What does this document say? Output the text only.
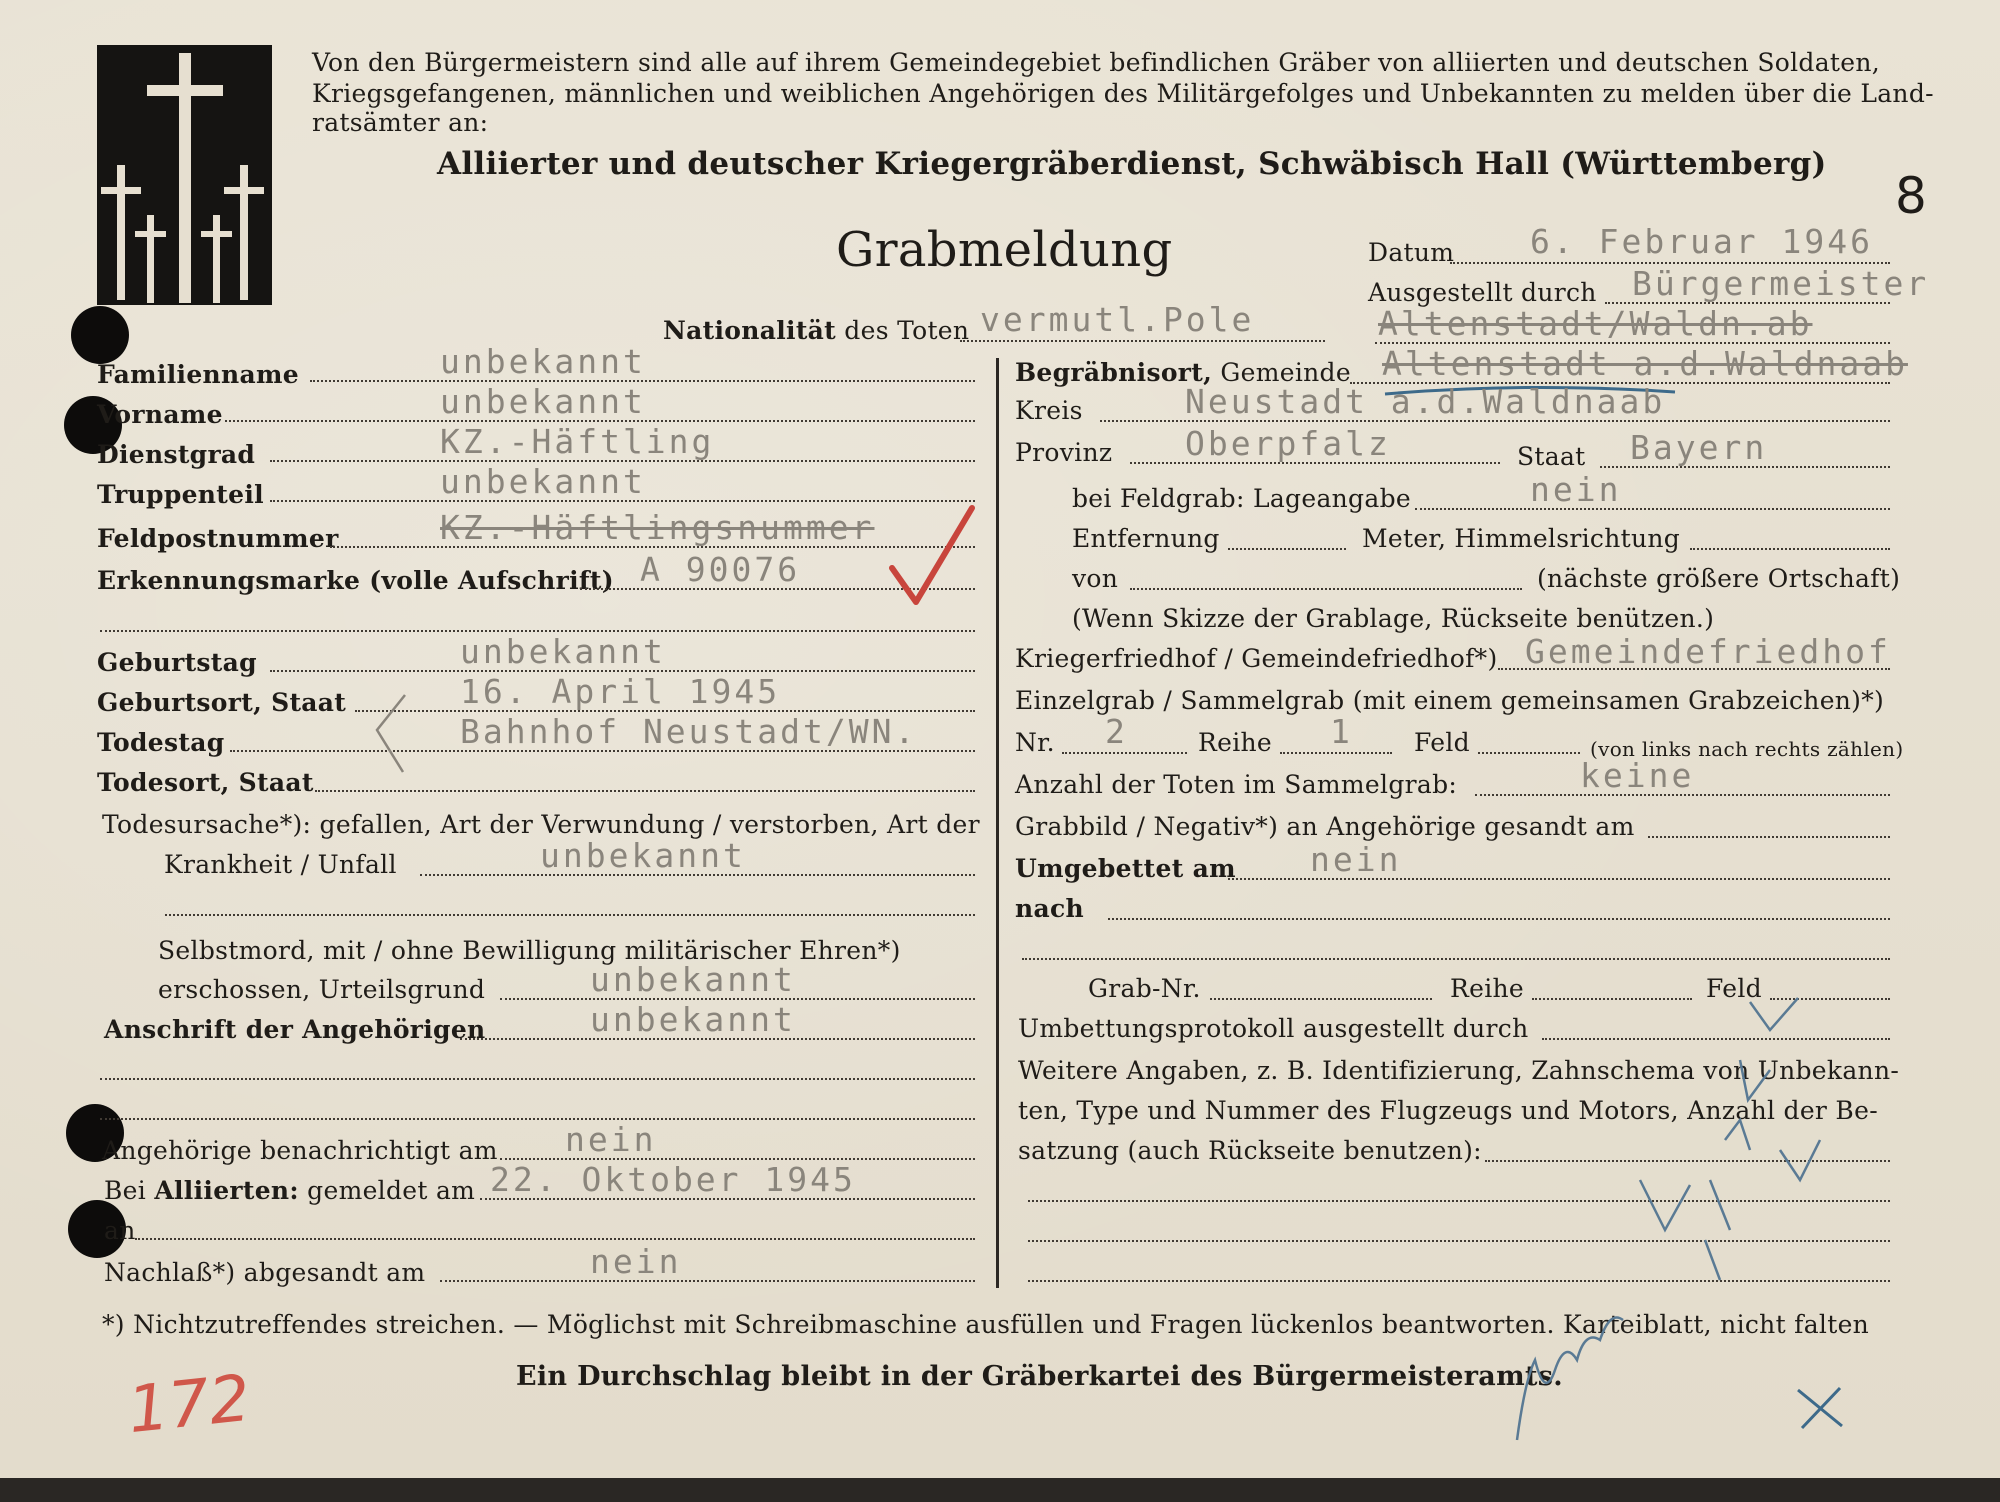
Von den Bürgermeistern sind alle auf ihrem Gemeindegebiet befindlichen Gräber von alliierten und deutschen Soldaten,
Kriegsgefangenen, männlichen und weiblichen Angehörigen des Militärgefolges und Unbekannten zu melden über die Land-
ratsämter an:
Alliierter und deutscher Kriegergräberdienst, Schwäbisch Hall (Württemberg)
8
Grabmeldung	Datum 6. Februar 1946
Ausgestellt durch Bürgermeister
Altenstadt/Waldn.ab
Nationalität des Toten vermutl.Pole
Familienname	unbekannt
Vorname	unbekannt
Dienstgrad	KZ.-Häftling
Truppenteil	unbekannt
Feldpostnummer	KZ.-Häftlingsnummer
Erkennungsmarke (volle Aufschrift) A 90076
Geburtstag	unbekannt
Geburtsort, Staat	16. April 1945
Todestag	Bahnhof Neustadt/WN.
Todesort, Staat
Todesursache*): gefallen, Art der Verwundung / verstorben, Art der
Krankheit / Unfall	unbekannt
Selbstmord, mit / ohne Bewilligung militärischer Ehren*)
erschossen, Urteilsgrund	unbekannt
Anschrift der Angehörigen	unbekannt
Angehörige benachrichtigt am nein
Bei Alliierten: gemeldet am 22. Oktober 1945
an
Nachlaß*) abgesandt am	nein
Begräbnisort, Gemeinde Altenstadt a.d.Waldnaab
Kreis	Neustadt a.d.Waldnaab
Provinz Oberpfalz	Staat Bayern
bei Feldgrab: Lageangabe	nein
Entfernung	Meter, Himmelsrichtung
von	(nächste größere Ortschaft)
(Wenn Skizze der Grablage, Rückseite benützen.)
Kriegerfriedhof / Gemeindefriedhof*) Gemeindefriedhof
Einzelgrab / Sammelgrab (mit einem gemeinsamen Grabzeichen)*)
Nr. 2	Reihe 1 Feld	(von links nach rechts zählen)
Anzahl der Toten im Sammelgrab:	keine
Grabbild / Negativ*) an Angehörige gesandt am
Umgebettet am nein
nach
Grab-Nr.	Reihe	Feld
Umbettungsprotokoll ausgestellt durch
Weitere Angaben, z. B. Identifizierung, Zahnschema von Unbekann-
ten, Type und Nummer des Flugzeugs und Motors, Anzahl der Be-
satzung (auch Rückseite benutzen):
*) Nichtzutreffendes streichen. — Möglichst mit Schreibmaschine ausfüllen und Fragen lückenlos beantworten. Karteiblatt, nicht falten
Ein Durchschlag bleibt in der Gräberkartei des Bürgermeisteramts.
172
